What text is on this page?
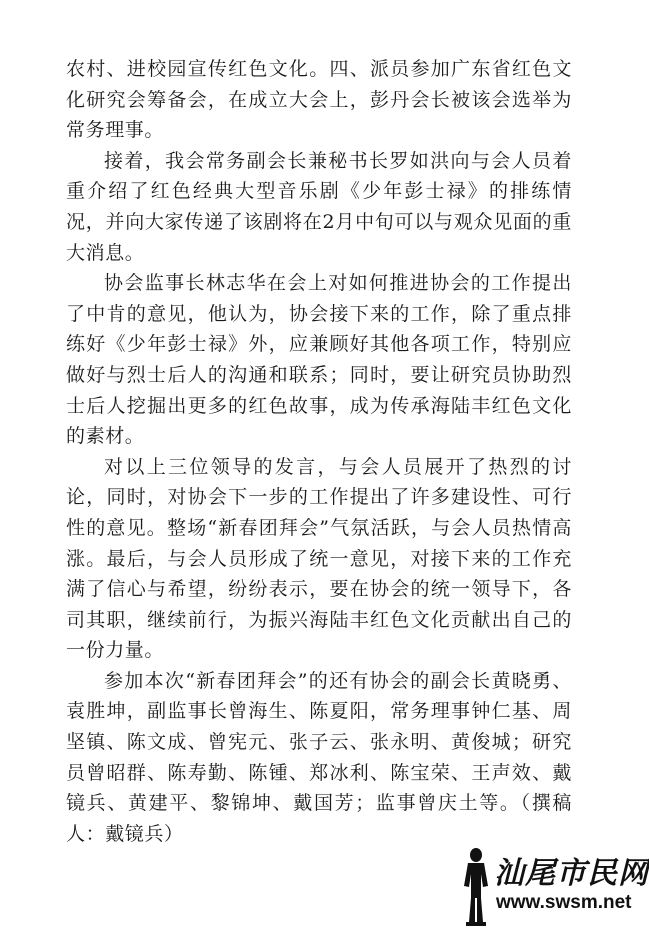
农村、进校园宣传红色文化。四、派员参加广东省红色文化研究会筹备会，在成立大会上，彭丹会长被该会选举为常务理事。

接着，我会常务副会长兼秘书长罗如洪向与会人员着重介绍了红色经典大型音乐剧《少年彭士禄》的排练情况，并向大家传递了该剧将在2月中旬可以与观众见面的重大消息。

协会监事长林志华在会上对如何推进协会的工作提出了中肯的意见，他认为，协会接下来的工作，除了重点排练好《少年彭士禄》外，应兼顾好其他各项工作，特别应做好与烈士后人的沟通和联系；同时，要让研究员协助烈士后人挖掘出更多的红色故事，成为传承海陆丰红色文化的素材。

对以上三位领导的发言，与会人员展开了热烈的讨论，同时，对协会下一步的工作提出了许多建设性、可行性的意见。整场“新春团拜会”气氛活跃，与会人员热情高涨。最后，与会人员形成了统一意见，对接下来的工作充满了信心与希望，纷纷表示，要在协会的统一领导下，各司其职，继续前行，为振兴海陆丰红色文化贡献出自己的一份力量。

参加本次“新春团拜会”的还有协会的副会长黄晓勇、袁胜坤，副监事长曾海生、陈夏阳，常务理事钟仁基、周坚镇、陈文成、曾宪元、张子云、张永明、黄俊城；研究员曾昭群、陈寿勤、陈锺、郑冰利、陈宝荣、王声效、戴镜兵、黄建平、黎锦坤、戴国芳；监事曾庆土等。（撰稿人：戴镜兵）

汕尾市民网
www.swsm.net
